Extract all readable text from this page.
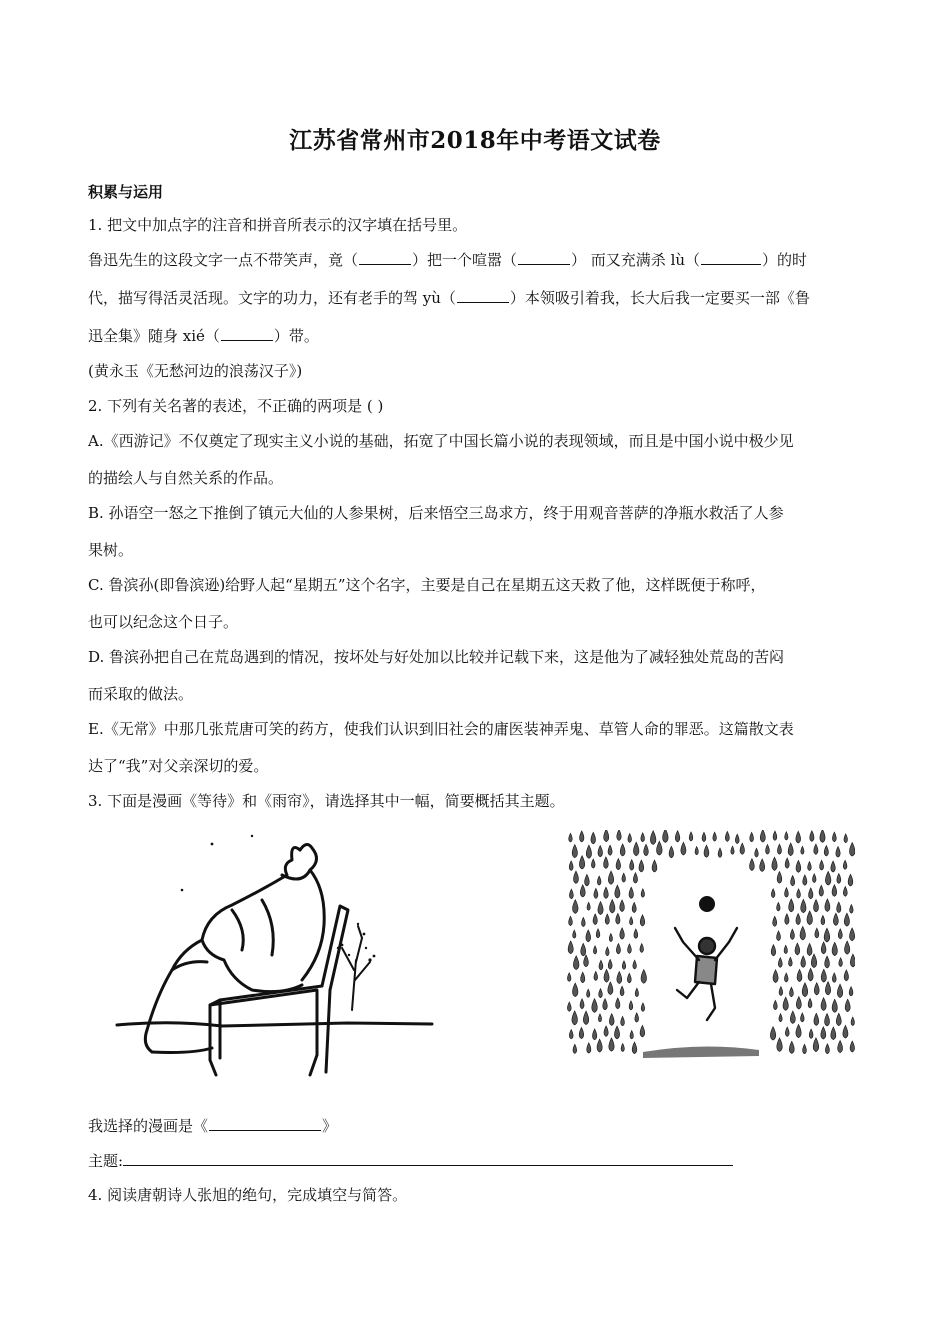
江苏省常州市2018年中考语文试卷
积累与运用
1. 把文中加点字的注音和拼音所表示的汉字填在括号里。
鲁迅先生的这段文字一点不带笑声，竟（	）把一个喧嚣（	） 而又充满杀 lù（	）的时
代，描写得活灵活现。文字的功力，还有老手的驾 yù（	）本领吸引着我，长大后我一定要买一部《鲁
迅全集》随身 xié（	）带。
(黄永玉《无愁河边的浪荡汉子》)
2. 下列有关名著的表述，不正确的两项是 ( )
A.《西游记》不仅奠定了现实主义小说的基础，拓宽了中国长篇小说的表现领域，而且是中国小说中极少见
的描绘人与自然关系的作品。
B. 孙语空一怒之下推倒了镇元大仙的人参果树，后来悟空三岛求方，终于用观音菩萨的净瓶水救活了人参
果树。
C. 鲁滨孙(即鲁滨逊)给野人起“星期五”这个名字，主要是自己在星期五这天救了他，这样既便于称呼，
也可以纪念这个日子。
D. 鲁滨孙把自己在荒岛遇到的情况，按坏处与好处加以比较并记载下来，这是他为了减轻独处荒岛的苦闷
而采取的做法。
E.《无常》中那几张荒唐可笑的药方，使我们认识到旧社会的庸医装神弄鬼、草管人命的罪恶。这篇散文表
达了“我”对父亲深切的爱。
3. 下面是漫画《等待》和《雨帘》，请选择其中一幅，简要概括其主题。
我选择的漫画是《	》
主题:
4. 阅读唐朝诗人张旭的绝句，完成填空与简答。
